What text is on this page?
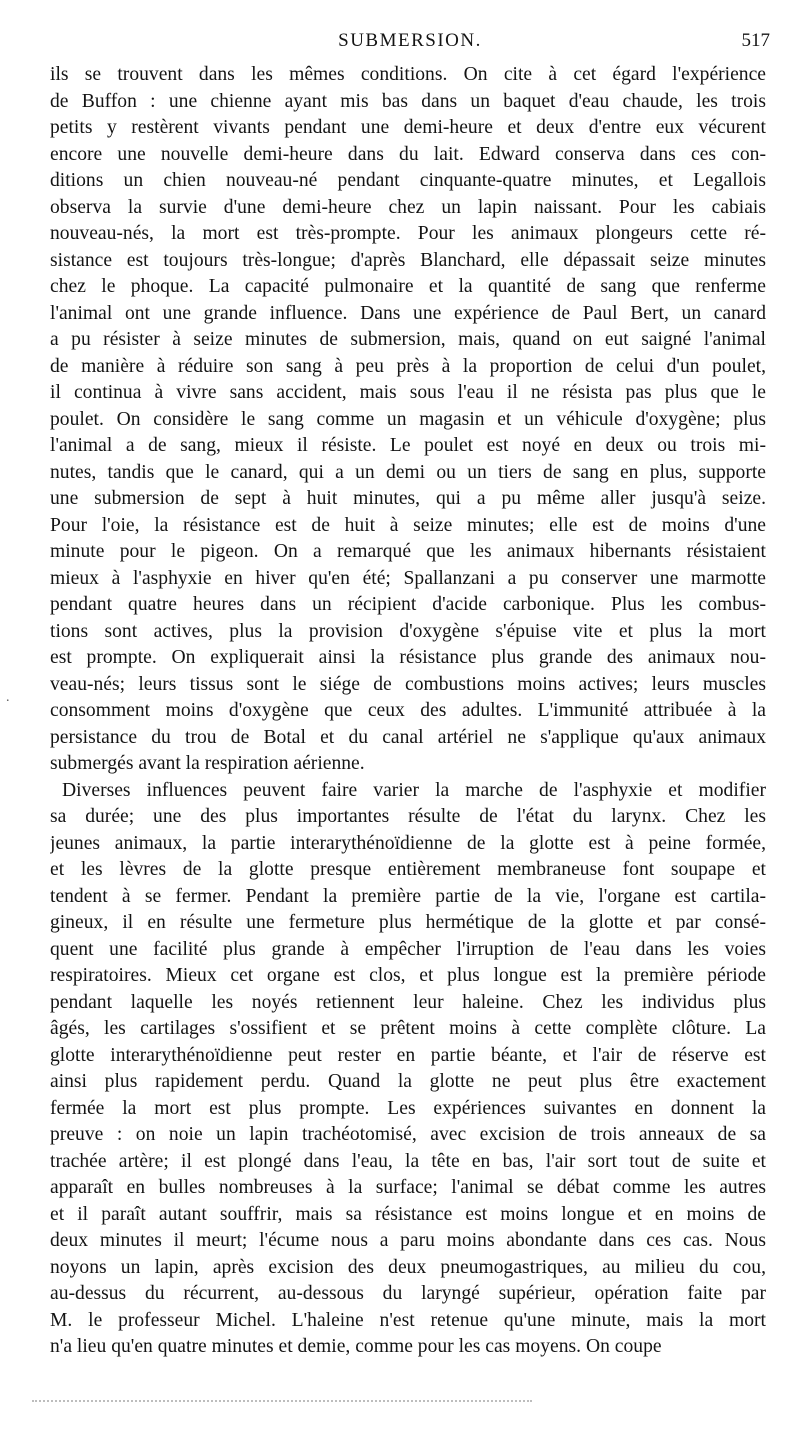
SUBMERSION.	517
.
ils se trouvent dans les mêmes conditions. On cite à cet égard l'expérience
de Buffon : une chienne ayant mis bas dans un baquet d'eau chaude, les trois
petits y restèrent vivants pendant une demi-heure et deux d'entre eux vécurent
encore une nouvelle demi-heure dans du lait. Edward conserva dans ces con-
ditions un chien nouveau-né pendant cinquante-quatre minutes, et Legallois
observa la survie d'une demi-heure chez un lapin naissant. Pour les cabiais
nouveau-nés, la mort est très-prompte. Pour les animaux plongeurs cette ré-
sistance est toujours très-longue; d'après Blanchard, elle dépassait seize minutes
chez le phoque. La capacité pulmonaire et la quantité de sang que renferme
l'animal ont une grande influence. Dans une expérience de Paul Bert, un canard
a pu résister à seize minutes de submersion, mais, quand on eut saigné l'animal
de manière à réduire son sang à peu près à la proportion de celui d'un poulet,
il continua à vivre sans accident, mais sous l'eau il ne résista pas plus que le
poulet. On considère le sang comme un magasin et un véhicule d'oxygène; plus
l'animal a de sang, mieux il résiste. Le poulet est noyé en deux ou trois mi-
nutes, tandis que le canard, qui a un demi ou un tiers de sang en plus, supporte
une submersion de sept à huit minutes, qui a pu même aller jusqu'à seize.
Pour l'oie, la résistance est de huit à seize minutes; elle est de moins d'une
minute pour le pigeon. On a remarqué que les animaux hibernants résistaient
mieux à l'asphyxie en hiver qu'en été; Spallanzani a pu conserver une marmotte
pendant quatre heures dans un récipient d'acide carbonique. Plus les combus-
tions sont actives, plus la provision d'oxygène s'épuise vite et plus la mort
est prompte. On expliquerait ainsi la résistance plus grande des animaux nou-
veau-nés; leurs tissus sont le siége de combustions moins actives; leurs muscles
consomment moins d'oxygène que ceux des adultes. L'immunité attribuée à la
persistance du trou de Botal et du canal artériel ne s'applique qu'aux animaux
submergés avant la respiration aérienne.
Diverses influences peuvent faire varier la marche de l'asphyxie et modifier
sa durée; une des plus importantes résulte de l'état du larynx. Chez les
jeunes animaux, la partie interarythénoïdienne de la glotte est à peine formée,
et les lèvres de la glotte presque entièrement membraneuse font soupape et
tendent à se fermer. Pendant la première partie de la vie, l'organe est cartila-
gineux, il en résulte une fermeture plus hermétique de la glotte et par consé-
quent une facilité plus grande à empêcher l'irruption de l'eau dans les voies
respiratoires. Mieux cet organe est clos, et plus longue est la première période
pendant laquelle les noyés retiennent leur haleine. Chez les individus plus
âgés, les cartilages s'ossifient et se prêtent moins à cette complète clôture. La
glotte interarythénoïdienne peut rester en partie béante, et l'air de réserve est
ainsi plus rapidement perdu. Quand la glotte ne peut plus être exactement
fermée la mort est plus prompte. Les expériences suivantes en donnent la
preuve : on noie un lapin trachéotomisé, avec excision de trois anneaux de sa
trachée artère; il est plongé dans l'eau, la tête en bas, l'air sort tout de suite et
apparaît en bulles nombreuses à la surface; l'animal se débat comme les autres
et il paraît autant souffrir, mais sa résistance est moins longue et en moins de
deux minutes il meurt; l'écume nous a paru moins abondante dans ces cas. Nous
noyons un lapin, après excision des deux pneumogastriques, au milieu du cou,
au-dessus du récurrent, au-dessous du laryngé supérieur, opération faite par
M. le professeur Michel. L'haleine n'est retenue qu'une minute, mais la mort
n'a lieu qu'en quatre minutes et demie, comme pour les cas moyens. On coupe
